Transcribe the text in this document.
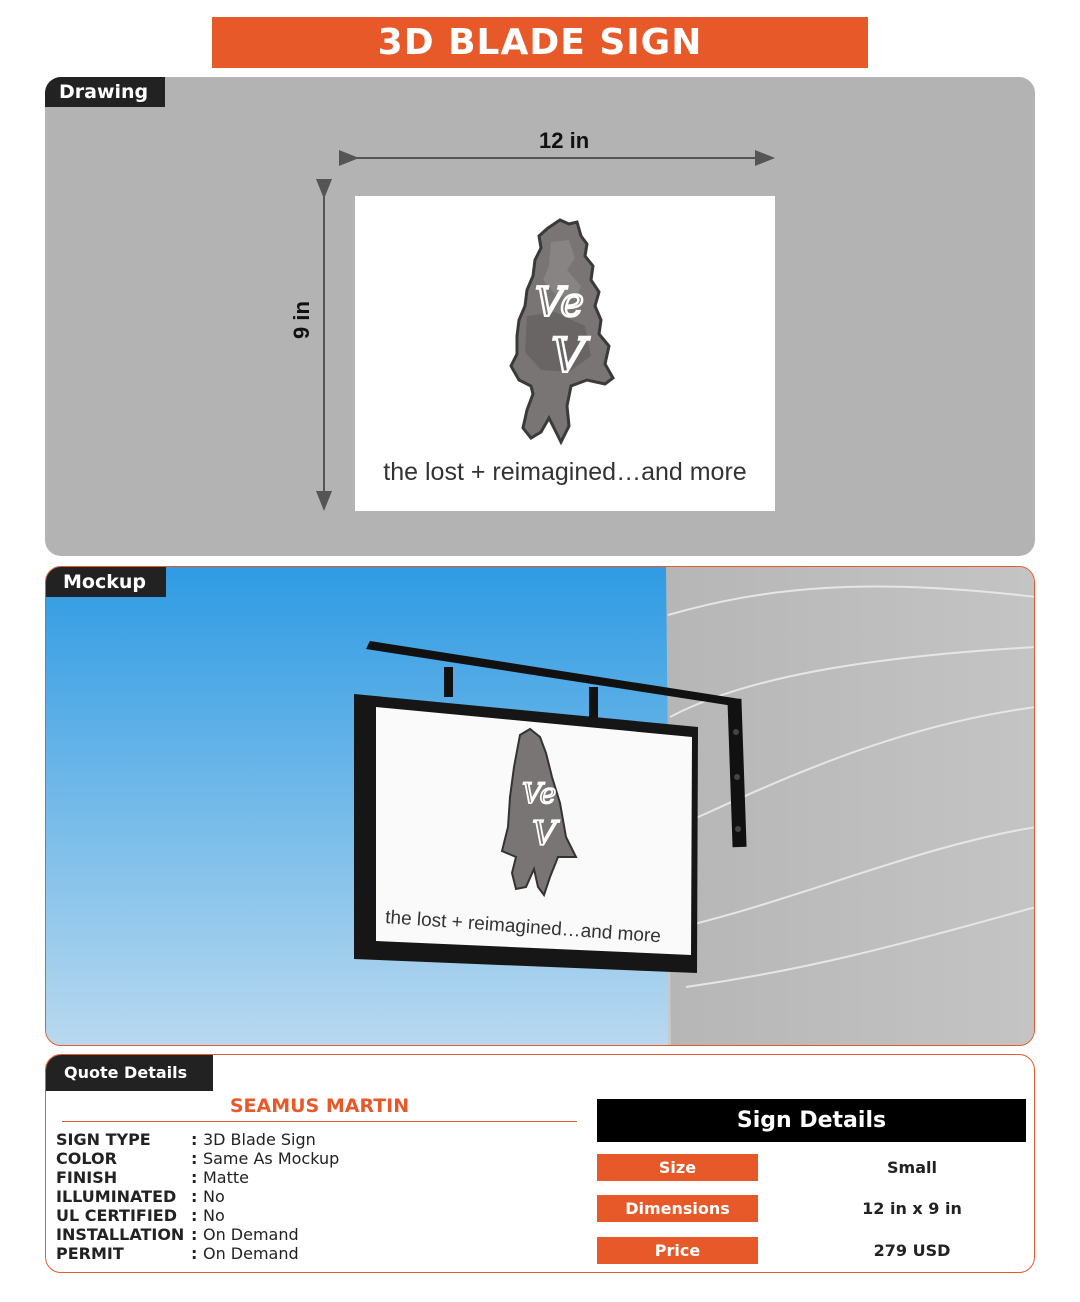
3D BLADE SIGN
Drawing
12 in
9 in	Ve
V
the lost + reimagined…and more
Mockup
Ve
V
the lost + reimagined…and more
Quote Details
SEAMUS MARTIN
SIGN TYPE	: 3D Blade Sign
COLOR	: Same As Mockup
FINISH	: Matte
ILLUMINATED	: No
UL CERTIFIED	: No
INSTALLATION	: On Demand
PERMIT	: On Demand
Sign Details
Size	Small
Dimensions	12 in x 9 in
Price	279 USD
